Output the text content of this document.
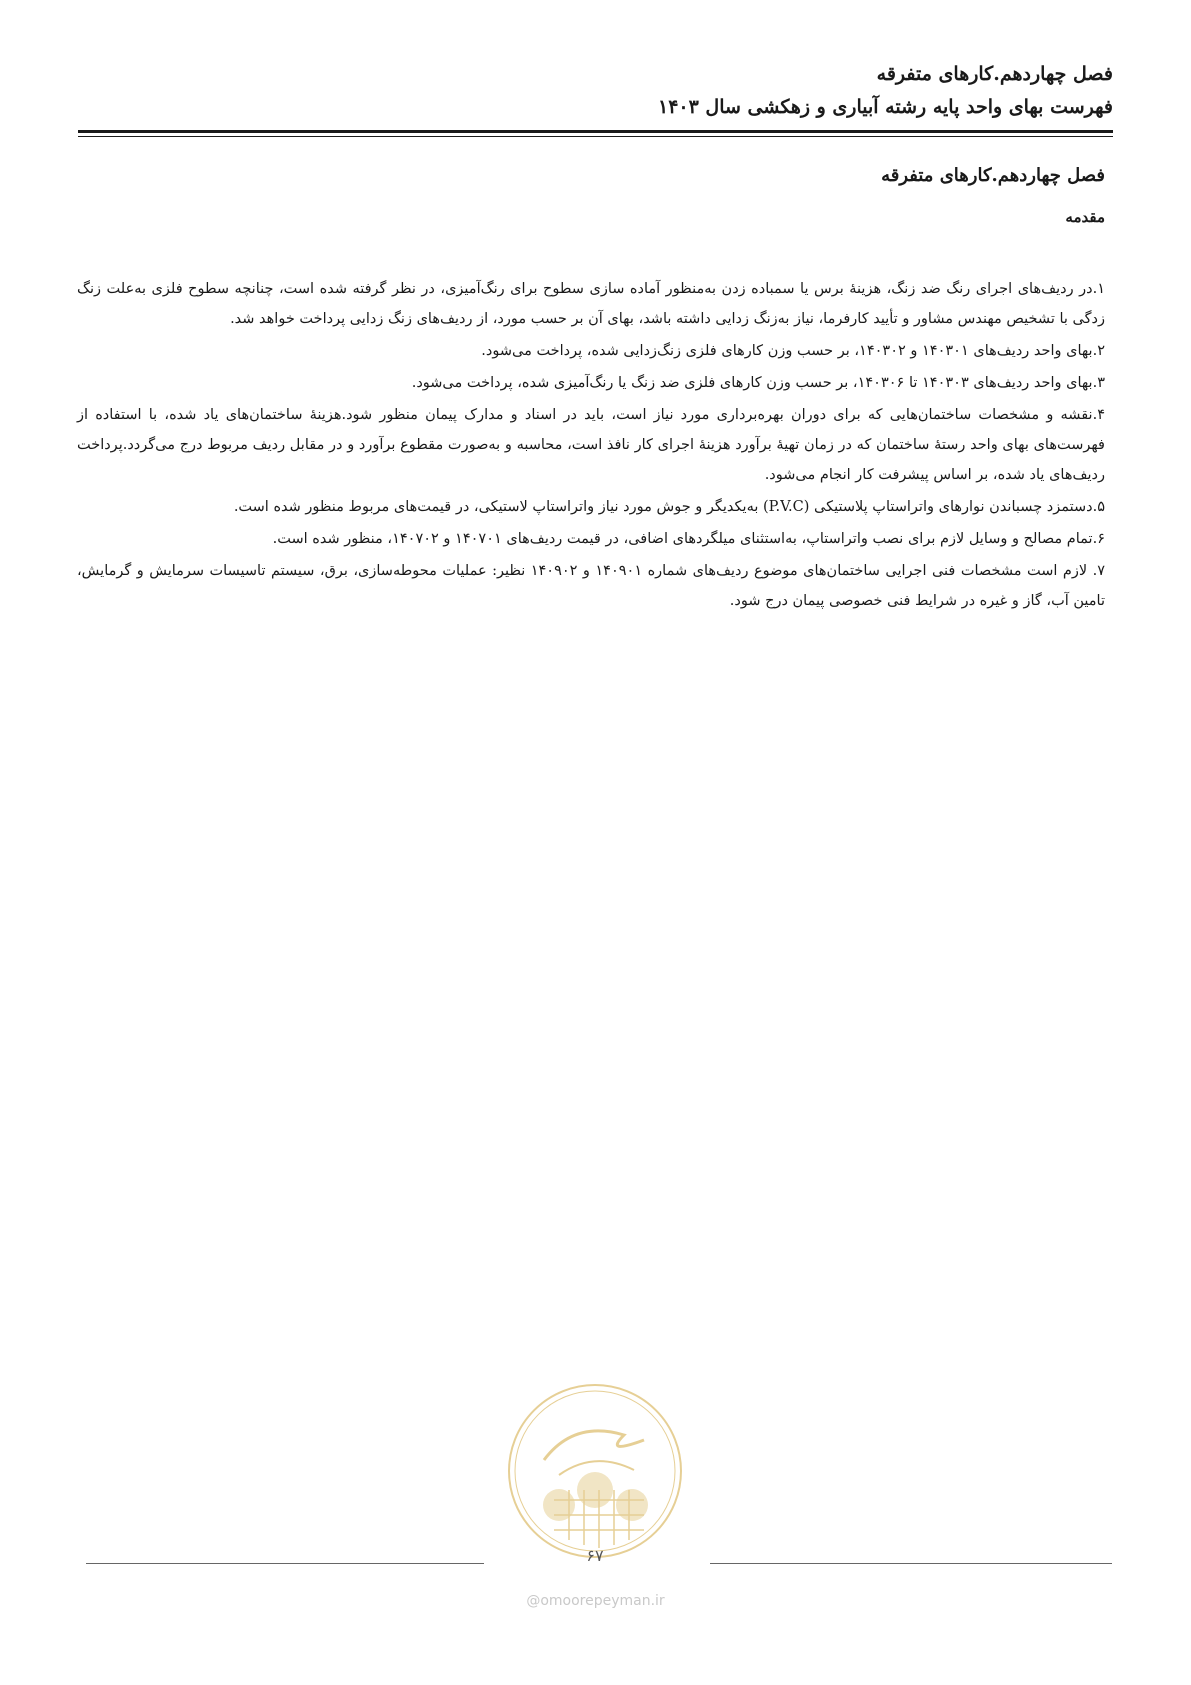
فصل چهاردهم.کارهای متفرقه
فهرست بهای واحد پایه رشته آبیاری و زهکشی سال ۱۴۰۳
فصل چهاردهم.کارهای متفرقه
مقدمه

۱.در ردیف‌های اجرای رنگ ضد زنگ، هزینهٔ برس یا سمباده زدن به‌منظور آماده سازی سطوح برای رنگ‌آمیزی، در نظر گرفته شده است، چنانچه سطوح فلزی به‌علت زنگ زدگی با تشخیص مهندس مشاور و تأیید کارفرما، نیاز به‌زنگ زدایی داشته باشد، بهای آن بر حسب مورد، از ردیف‌های زنگ زدایی پرداخت خواهد شد.

۲.بهای واحد ردیف‌های ۱۴۰۳۰۱ و ۱۴۰۳۰۲، بر حسب وزن کارهای فلزی زنگ‌زدایی شده، پرداخت می‌شود.

۳.بهای واحد ردیف‌های ۱۴۰۳۰۳ تا ۱۴۰۳۰۶، بر حسب وزن کارهای فلزی ضد زنگ یا رنگ‌آمیزی شده، پرداخت می‌شود.

۴.نقشه و مشخصات ساختمان‌هایی که برای دوران بهره‌برداری مورد نیاز است، باید در اسناد و مدارک پیمان منظور شود.هزینهٔ ساختمان‌های یاد شده، با استفاده از فهرست‌های بهای واحد رستهٔ ساختمان که در زمان تهیهٔ برآورد هزینهٔ اجرای کار نافذ است، محاسبه و به‌صورت مقطوع برآورد و در مقابل ردیف مربوط درج می‌گردد.پرداخت ردیف‌های یاد شده، بر اساس پیشرفت کار انجام می‌شود.

۵.دستمزد چسباندن نوارهای واتراستاپ پلاستیکی (P.V.C) به‌یکدیگر و جوش مورد نیاز واتراستاپ لاستیکی، در قیمت‌های مربوط منظور شده است.

۶.تمام مصالح و وسایل لازم برای نصب واتراستاپ، به‌استثنای میلگردهای اضافی، در قیمت ردیف‌های ۱۴۰۷۰۱ و ۱۴۰۷۰۲، منظور شده است.

۷. لازم است مشخصات فنی اجرایی ساختمان‌های موضوع ردیف‌های شماره ۱۴۰۹۰۱ و ۱۴۰۹۰۲ نظیر: عملیات محوطه‌سازی، برق، سیستم تاسیسات سرمایش و گرمایش، تامین آب، گاز و غیره در شرایط فنی خصوصی پیمان درج شود.

۶۷
@omoorepeyman.ir
